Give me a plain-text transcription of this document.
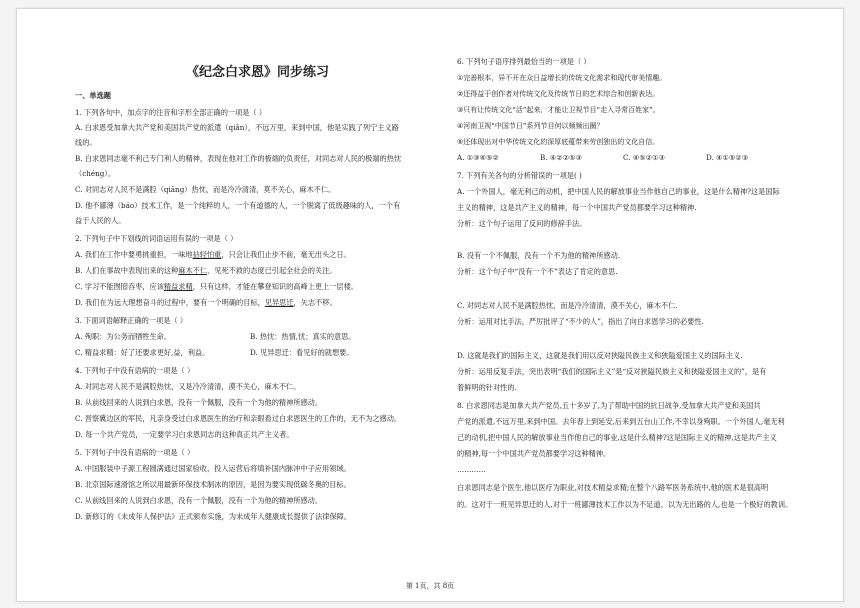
《纪念白求恩》同步练习
一、单选题
1. 下列各句中，加点字的注音和字形全部正确的一项是（ ）
A. 白求恩受加拿大共产党和美国共产党的派遣（qiǎn），不远万里，来到中国，他是实践了列宁主义路
线的。
B. 白求恩同志毫不利己专门利人的精神，表现在他对工作的极端的负责任，对同志对人民的极端的热忱
（chéng）。
C. 对同志对人民不是满腔（qiāng）热忱，而是冷冷清清，莫不关心，麻木不仁。
D. 他不鄙薄（báo）技术工作，是一个纯粹的人，一个有道德的人，一个脱离了低级趣味的人，一个有
益于人民的人。
2. 下列句子中下划线的词语运用有误的一项是（ ）
A. 我们在工作中要勇挑重担，一味地拈轻怕重，只会让我们止步不前，毫无出头之日。
B. 人们在事故中表现出来的这种麻木不仁、见死不救的态度已引起全社会的关注。
C. 学习不能囫囵吞枣，应该精益求精，只有这样，才能在攀登知识的高峰上更上一层楼。
D. 我们在为远大理想奋斗的过程中，要有一个明确的目标，见异思迁，矢志不移。
3. 下面词语解释正确的一项是（ ）
A. 殉职：为公务而牺牲生命。	B. 热忱：热情,忧；真实的意思。
C. 精益求精：好了还要求更好,益，利益。	D. 见异思迁：看见好的就想要。
4. 下列句子中没有语病的一项是（ ）
A. 对同志对人民不是满腔热忱，又是冷冷清清，漠不关心，麻木不仁。
B. 从前线回来的人说到白求恩，没有一个佩服，没有一个为他的精神所感动。
C. 晋察冀边区的军民，凡亲身受过白求恩医生的治疗和亲眼看过白求恩医生的工作的，无不为之感动。
D. 每一个共产党员，一定要学习白求恩同志的这种真正共产主义者。
5. 下列句子中没有语病的一项是（ ）
A. 中国服装中子源工程圆满通过国家验收，投入运营后将填补国内脉冲中子应用领域。
B. 北京国际速滑馆之所以用最新环保技术制冰的原因，是因为要实现低碳冬奥的目标。
C. 从前线回来的人说到白求恩，没有一个佩服，没有一个为他的精神所感动。
D. 新修订的《未成年人保护法》正式颁布实施，为未成年人健康成长提供了法律保障。
6. 下列句子语序排列最恰当的一项是（ ）
①完善根本，异不开在众日益增长的传统文化需求和现代审美情趣。
②还得益于创作者对传统文化及传统节日的艺术综合和创新表达。
③只有让传统文化“活”起来，才能让卫视节目“走入寻常百姓家”。
④河南卫视“中国节日”系列节目何以频频出圈？
⑤还体现出对中华传统文化的深厚底蕴带来劳创独出的文化自信。
A. ①③④⑤②	B. ④②②⑤③	C. ④⑤②①③	D. ④①⑤②③
7. 下列有关各句的分析错误的一项是( )
A. 一个外国人，毫无利己的动机，把中国人民的解放事业当作他自己的事业，这是什么精神?这是国际
主义的精神，这是共产主义的精神，每一个中国共产党员都要学习这种精神.
分析：这个句子运用了反问的修辞手法。
B. 没有一个不佩服，没有一个不为他的精神所感动.
分析：这个句子中“没有一个不”表达了肯定的意思.
C. 对同志对人民不是满腔热忱，而是冷冷清清，漠不关心，麻木不仁.
分析：运用对比手法，严厉批评了“不少的人”，指出了向白求恩学习的必要性.
D. 这就是我们的国际主义，这就是我们用以反对狭隘民族主义和狭隘爱国主义的国际主义.
分析：运用反复手法，突出表明“我们的国际主义”是“反对狭隘民族主义和狭隘爱国主义的”，是有
着鲜明的针对性的.
8. 白求恩同志是加拿大共产党员,五十多岁了,为了帮助中国的抗日战争,受加拿大共产党和美国共
产党的派遣,不远万里,来到中国。去年春上到延安,后来到五台山工作,不幸以身殉职。一个外国人,毫无利
己的动机,把中国人民的解放事业当作他自己的事业,这是什么精神?这是国际主义的精神,这是共产主义
的精神,每一个中国共产党员都要学习这种精神。
…………
白求恩同志是个医生,他以医疗为职业,对技术精益求精;在整个八路军医务系统中,他的医术是很高明
的。这对于一班见异思迁的人,对于一班鄙薄技术工作以为不足道、以为无出路的人,也是一个极好的教训。
第 1页，共 8页
